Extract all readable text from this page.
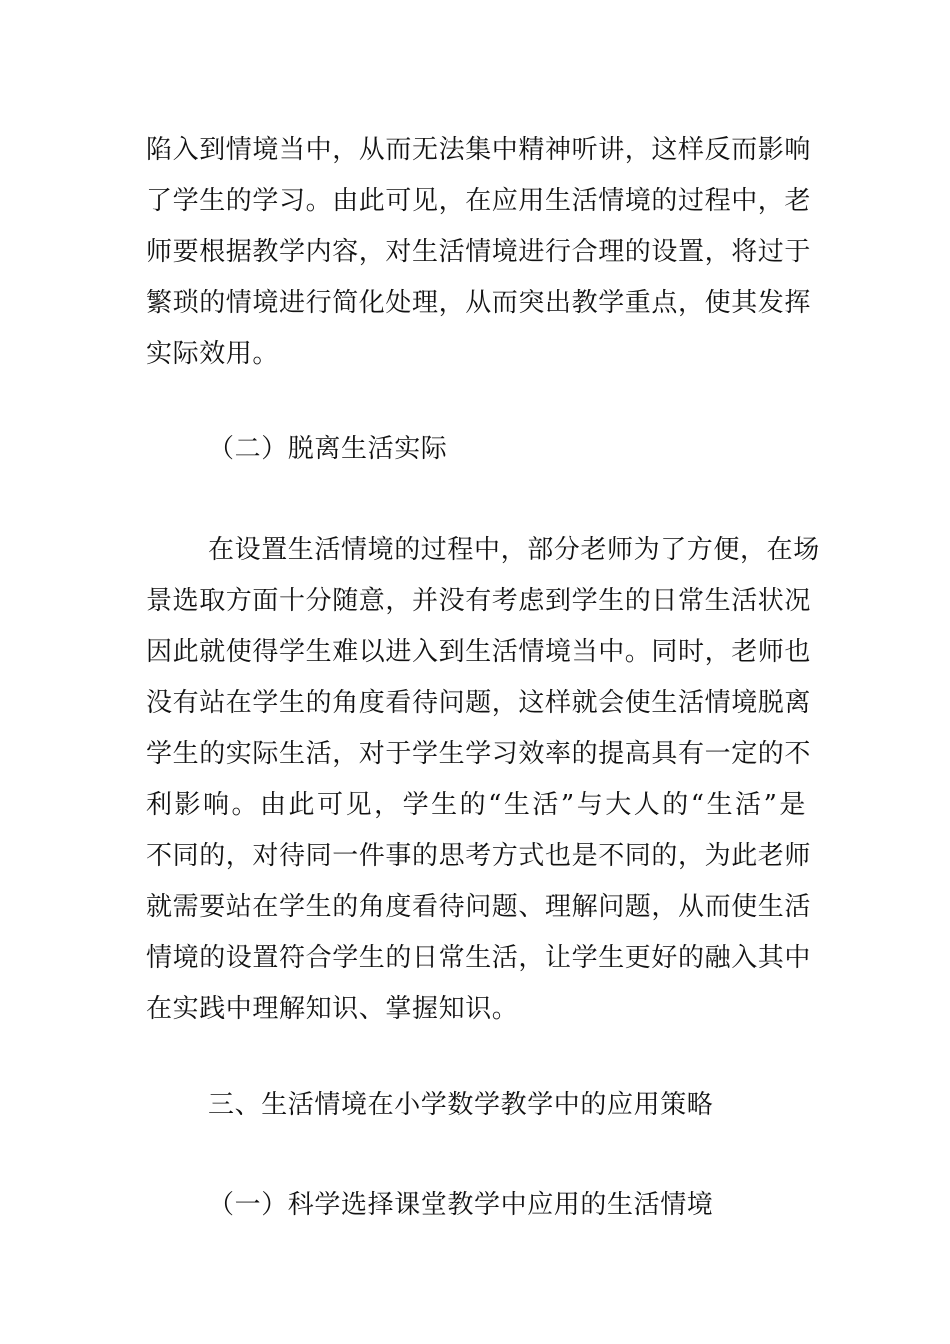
陷入到情境当中，从而无法集中精神听讲，这样反而影响
了学生的学习。由此可见，在应用生活情境的过程中，老
师要根据教学内容，对生活情境进行合理的设置，将过于
繁琐的情境进行简化处理，从而突出教学重点，使其发挥
实际效用。
（二）脱离生活实际
在设置生活情境的过程中，部分老师为了方便，在场
景选取方面十分随意，并没有考虑到学生的日常生活状况
因此就使得学生难以进入到生活情境当中。同时，老师也
没有站在学生的角度看待问题，这样就会使生活情境脱离
学生的实际生活，对于学生学习效率的提高具有一定的不
利影响。由此可见，学生的“生活”与大人的“生活”是
不同的，对待同一件事的思考方式也是不同的，为此老师
就需要站在学生的角度看待问题、理解问题，从而使生活
情境的设置符合学生的日常生活，让学生更好的融入其中
在实践中理解知识、掌握知识。
三、生活情境在小学数学教学中的应用策略
（一）科学选择课堂教学中应用的生活情境
